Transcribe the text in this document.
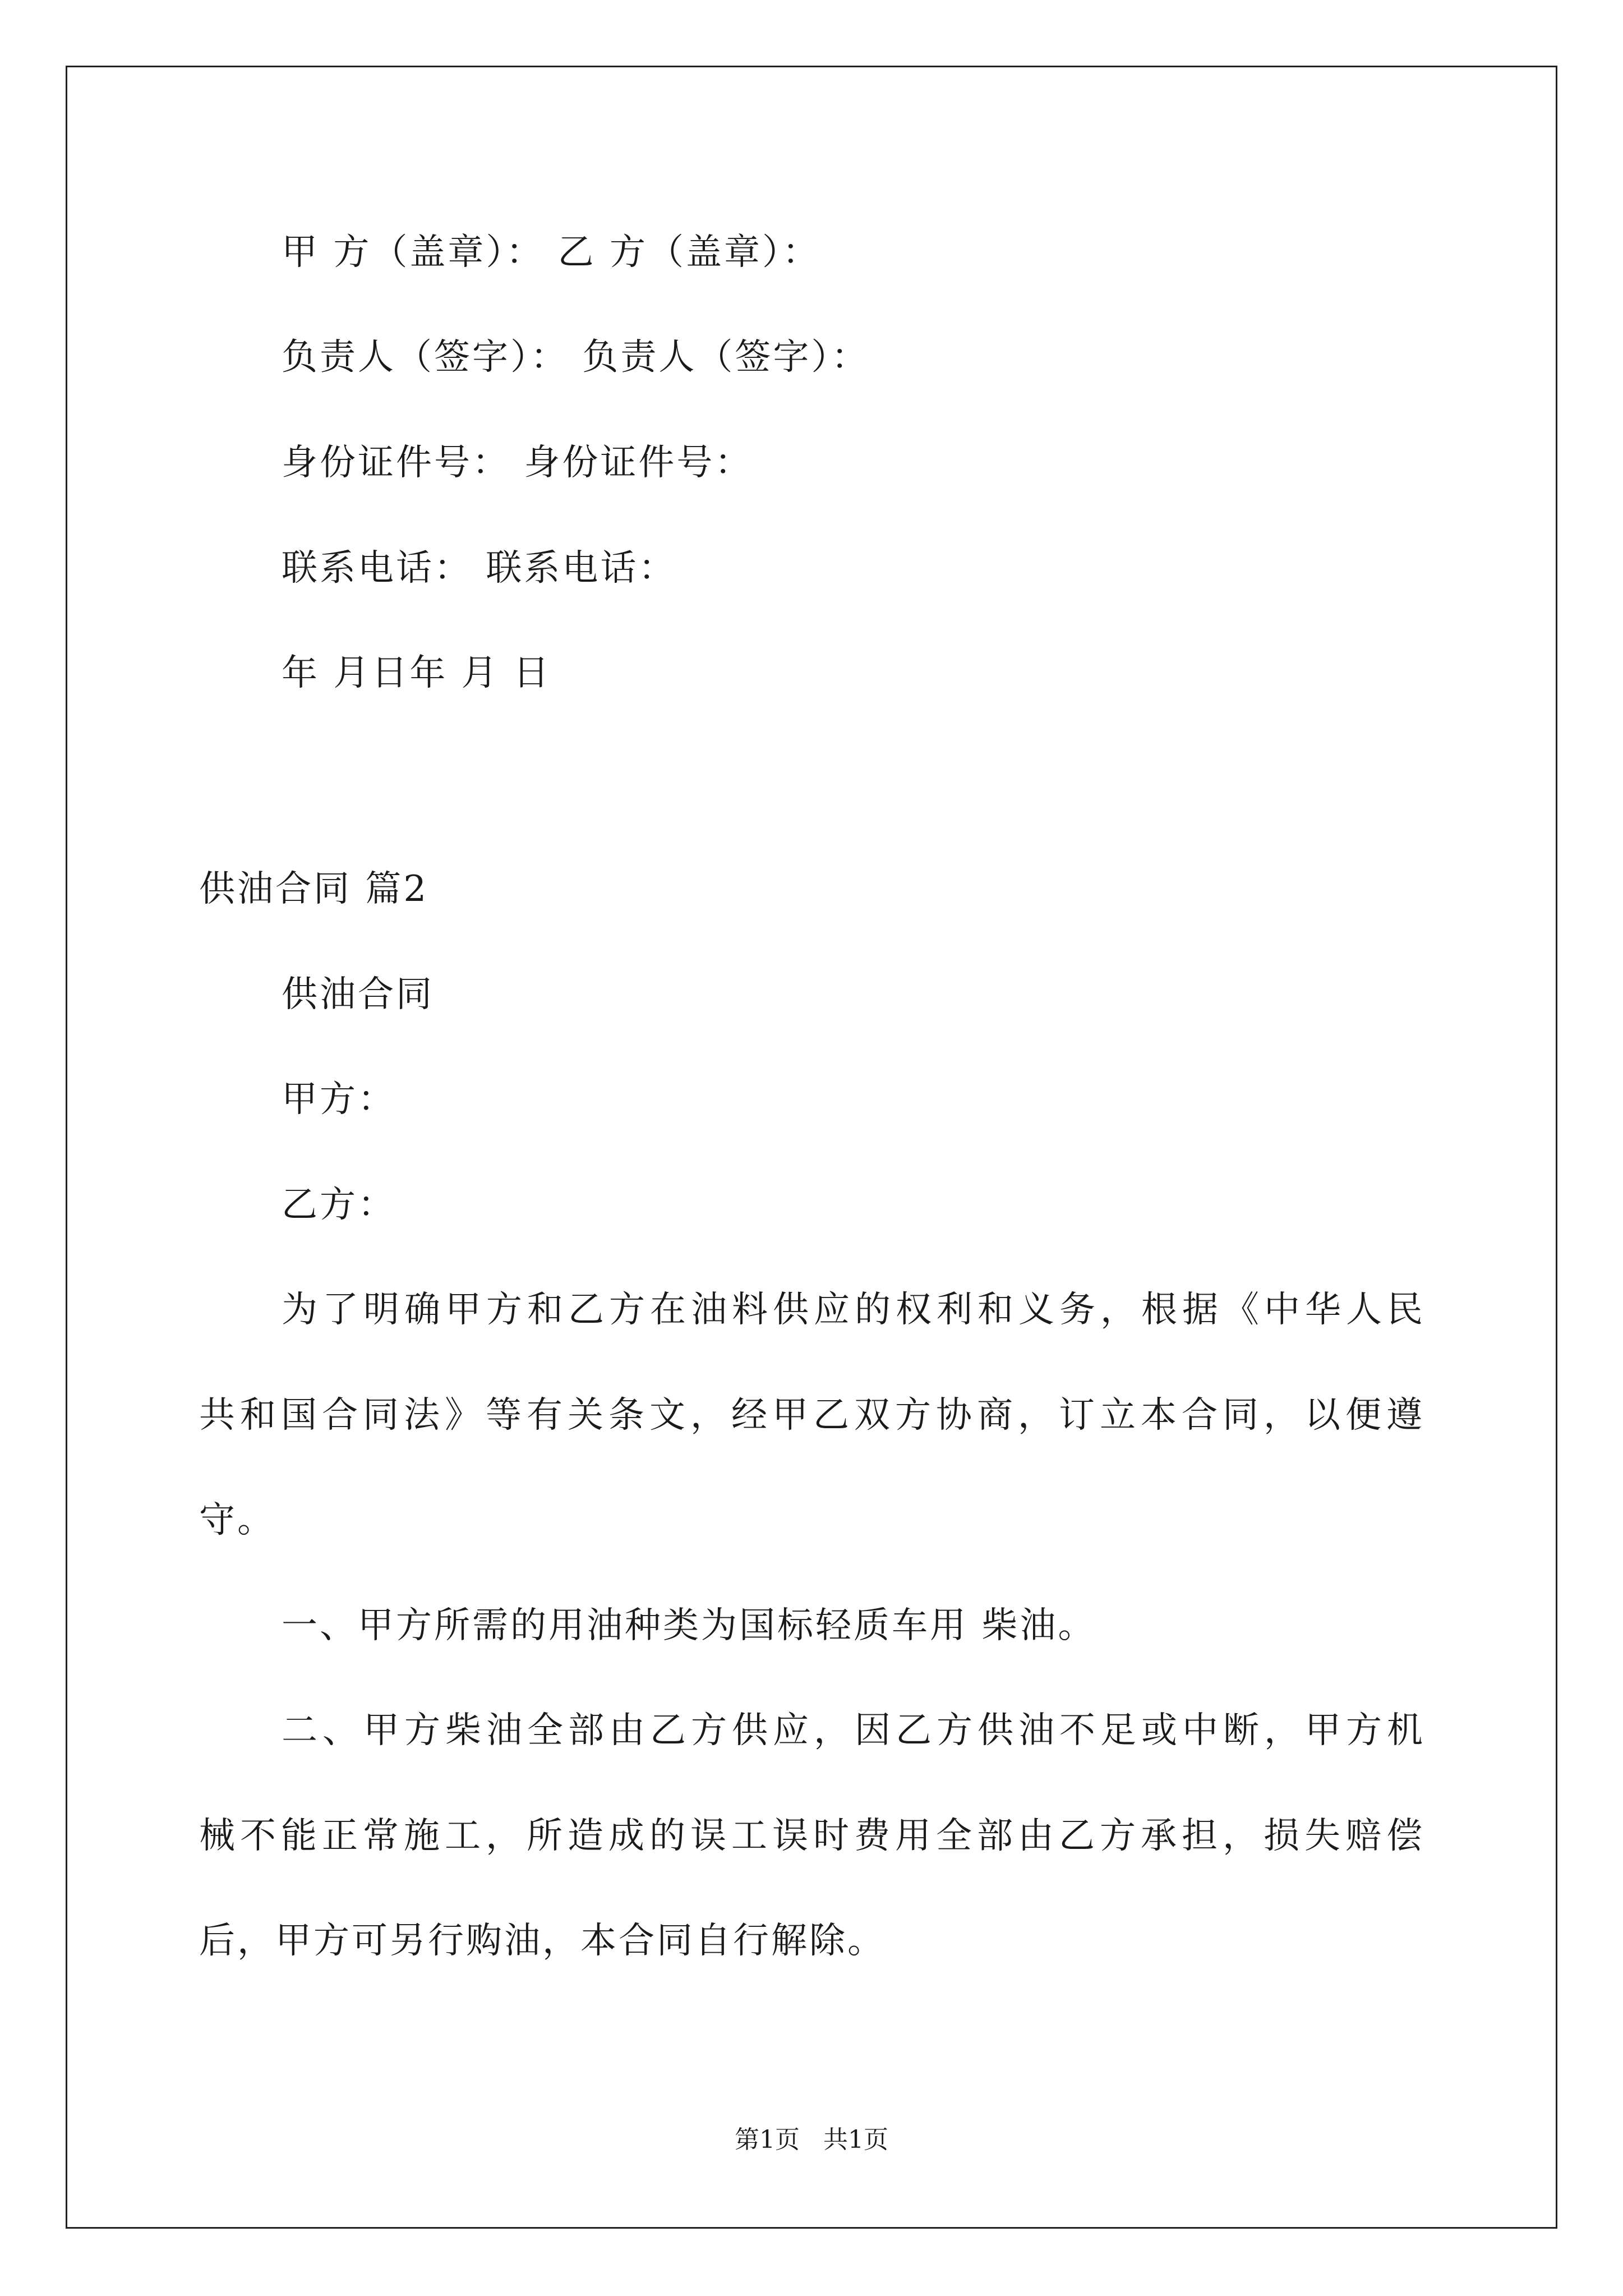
甲 方（盖章）： 乙 方（盖章）：
负责人（签字）： 负责人（签字）：
身份证件号： 身份证件号：
联系电话： 联系电话：
年 月日年 月 日
供油合同 篇2
供油合同
甲方：
乙方：
为了明确甲方和乙方在油料供应的权利和义务，根据《中华人民
共和国合同法》等有关条文，经甲乙双方协商，订立本合同，以便遵
守。
一、甲方所需的用油种类为国标轻质车用 柴油。
二、甲方柴油全部由乙方供应，因乙方供油不足或中断，甲方机
械不能正常施工，所造成的误工误时费用全部由乙方承担，损失赔偿
后，甲方可另行购油，本合同自行解除。
第1页   共1页
